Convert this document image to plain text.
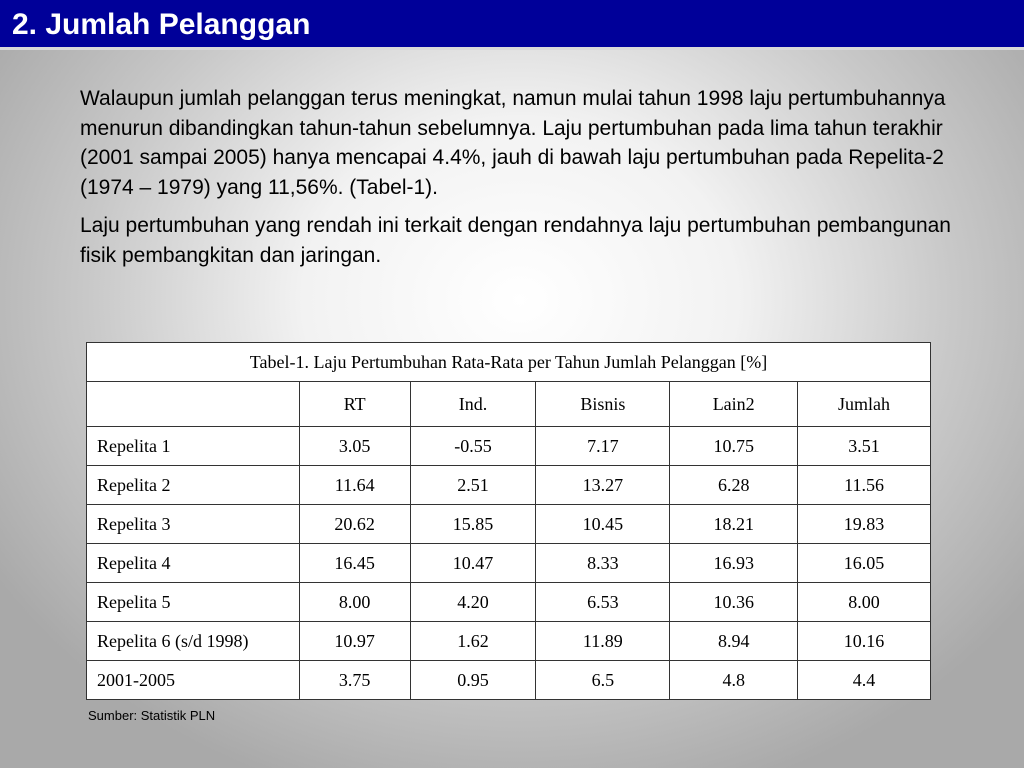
2. Jumlah Pelanggan

Walaupun jumlah pelanggan terus meningkat, namun mulai tahun 1998 laju pertumbuhannya menurun dibandingkan tahun-tahun sebelumnya. Laju pertumbuhan pada lima tahun terakhir (2001 sampai 2005) hanya mencapai 4.4%, jauh di bawah laju pertumbuhan pada Repelita-2 (1974 – 1979) yang 11,56%. (Tabel-1).

Laju pertumbuhan yang rendah ini terkait dengan rendahnya laju pertumbuhan pembangunan fisik pembangkitan dan jaringan.

Tabel-1. Laju Pertumbuhan Rata-Rata per Tahun Jumlah Pelanggan [%]					
	RT	Ind.	Bisnis	Lain2	Jumlah
Repelita 1	3.05	-0.55	7.17	10.75	3.51
Repelita 2	11.64	2.51	13.27	6.28	11.56
Repelita 3	20.62	15.85	10.45	18.21	19.83
Repelita 4	16.45	10.47	8.33	16.93	16.05
Repelita 5	8.00	4.20	6.53	10.36	8.00
Repelita 6 (s/d 1998)	10.97	1.62	11.89	8.94	10.16
2001-2005	3.75	0.95	6.5	4.8	4.4
Sumber: Statistik PLN
